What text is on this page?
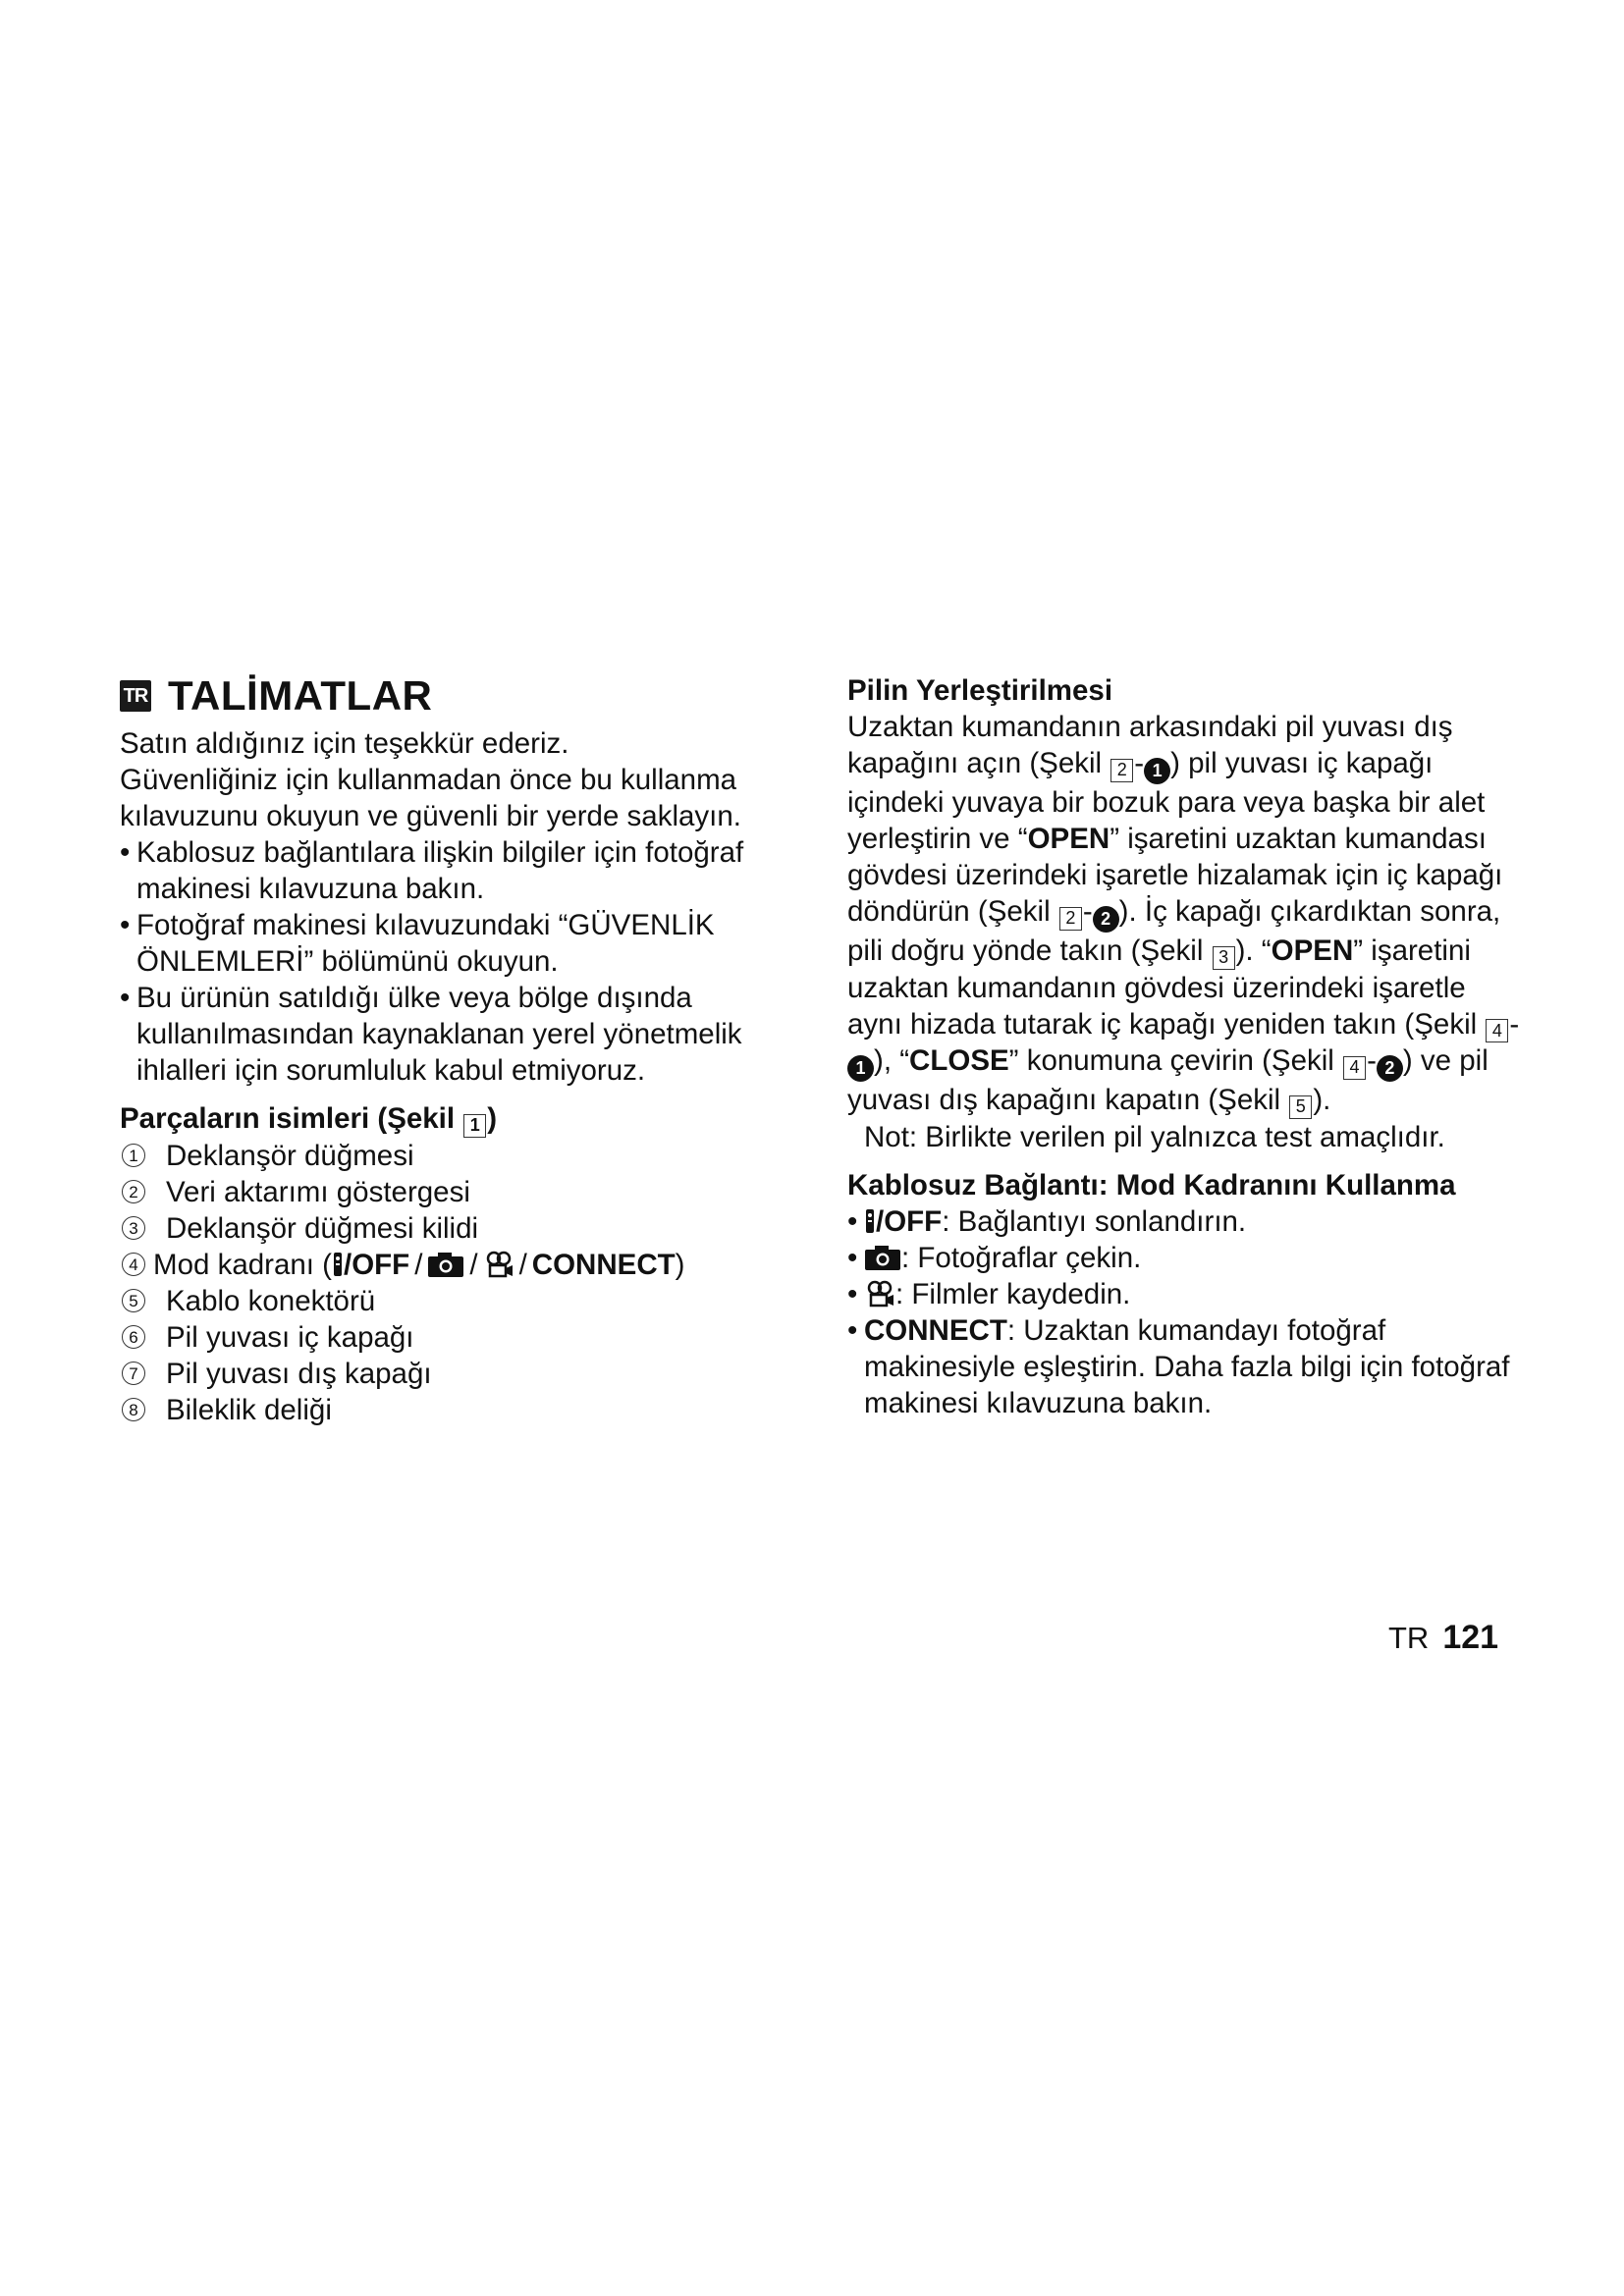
TR TALİMATLAR
Satın aldığınız için teşekkür ederiz.
Güvenliğiniz için kullanmadan önce bu kullanma kılavuzunu okuyun ve güvenli bir yerde saklayın.
• Kablosuz bağlantılara ilişkin bilgiler için fotoğraf makinesi kılavuzuna bakın.
• Fotoğraf makinesi kılavuzundaki “GÜVENLİK ÖNLEMLERİ” bölümünü okuyun.
• Bu ürünün satıldığı ülke veya bölge dışında kullanılmasından kaynaklanan yerel yönetmelik ihlalleri için sorumluluk kabul etmiyoruz.
Parçaların isimleri (Şekil 1 )
1 Deklanşör düğmesi
2 Veri aktarımı göstergesi
3 Deklanşör düğmesi kilidi
4 Mod kadranı ( /OFF / / / CONNECT )
5 Kablo konektörü
6 Pil yuvası iç kapağı
7 Pil yuvası dış kapağı
8 Bileklik deliği
Pilin Yerleştirilmesi
Uzaktan kumandanın arkasındaki pil yuvası dış kapağını açın (Şekil 2 - 1 ) pil yuvası iç kapağı içindeki yuvaya bir bozuk para veya başka bir alet yerleştirin ve “OPEN” işaretini uzaktan kumandası gövdesi üzerindeki işaretle hizalamak için iç kapağı döndürün (Şekil 2 - 2 ). İç kapağı çıkardıktan sonra, pili doğru yönde takın (Şekil 3 ). “OPEN” işaretini uzaktan kumandanın gövdesi üzerindeki işaretle aynı hizada tutarak iç kapağı yeniden takın (Şekil 4 -1 ), “CLOSE” konumuna çevirin (Şekil 4 - 2 ) ve pil yuvası dış kapağını kapatın (Şekil 5 ).
Not: Birlikte verilen pil yalnızca test amaçlıdır.
Kablosuz Bağlantı: Mod Kadranını Kullanma
• /OFF: Bağlantıyı sonlandırın.
•	: Fotoğraflar çekin.
•	: Filmler kaydedin.
• CONNECT: Uzaktan kumandayı fotoğraf makinesiyle eşleştirin. Daha fazla bilgi için fotoğraf makinesi kılavuzuna bakın.
TR 121
